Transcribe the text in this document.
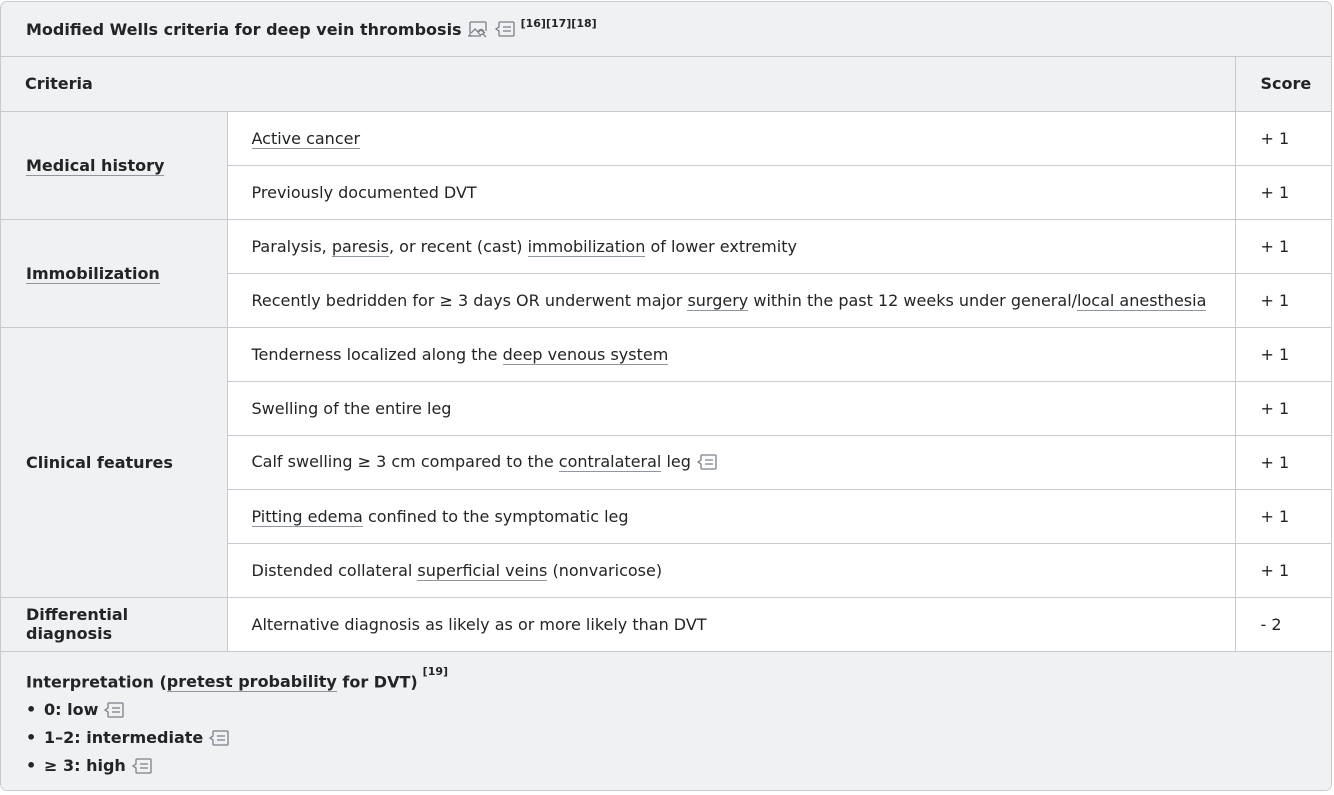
Modified Wells criteria for deep vein thrombosis	[16][17][18]
Criteria		Score
Medical history	Active cancer	+ 1
	Previously documented DVT	+ 1
Immobilization	Paralysis, paresis, or recent (cast) immobilization of lower extremity	+ 1
	Recently bedridden for ≥ 3 days OR underwent major surgery within the past 12 weeks under general/local anesthesia	+ 1
Clinical features	Tenderness localized along the deep venous system	+ 1
	Swelling of the entire leg	+ 1
	Calf swelling ≥ 3 cm compared to the contralateral leg	+ 1
	Pitting edema confined to the symptomatic leg	+ 1
	Distended collateral superficial veins (nonvaricose)	+ 1
Differential diagnosis	Alternative diagnosis as likely as or more likely than DVT	- 2
Interpretation (pretest probability for DVT)[19]
• 0: low
• 1–2: intermediate
• ≥ 3: high
